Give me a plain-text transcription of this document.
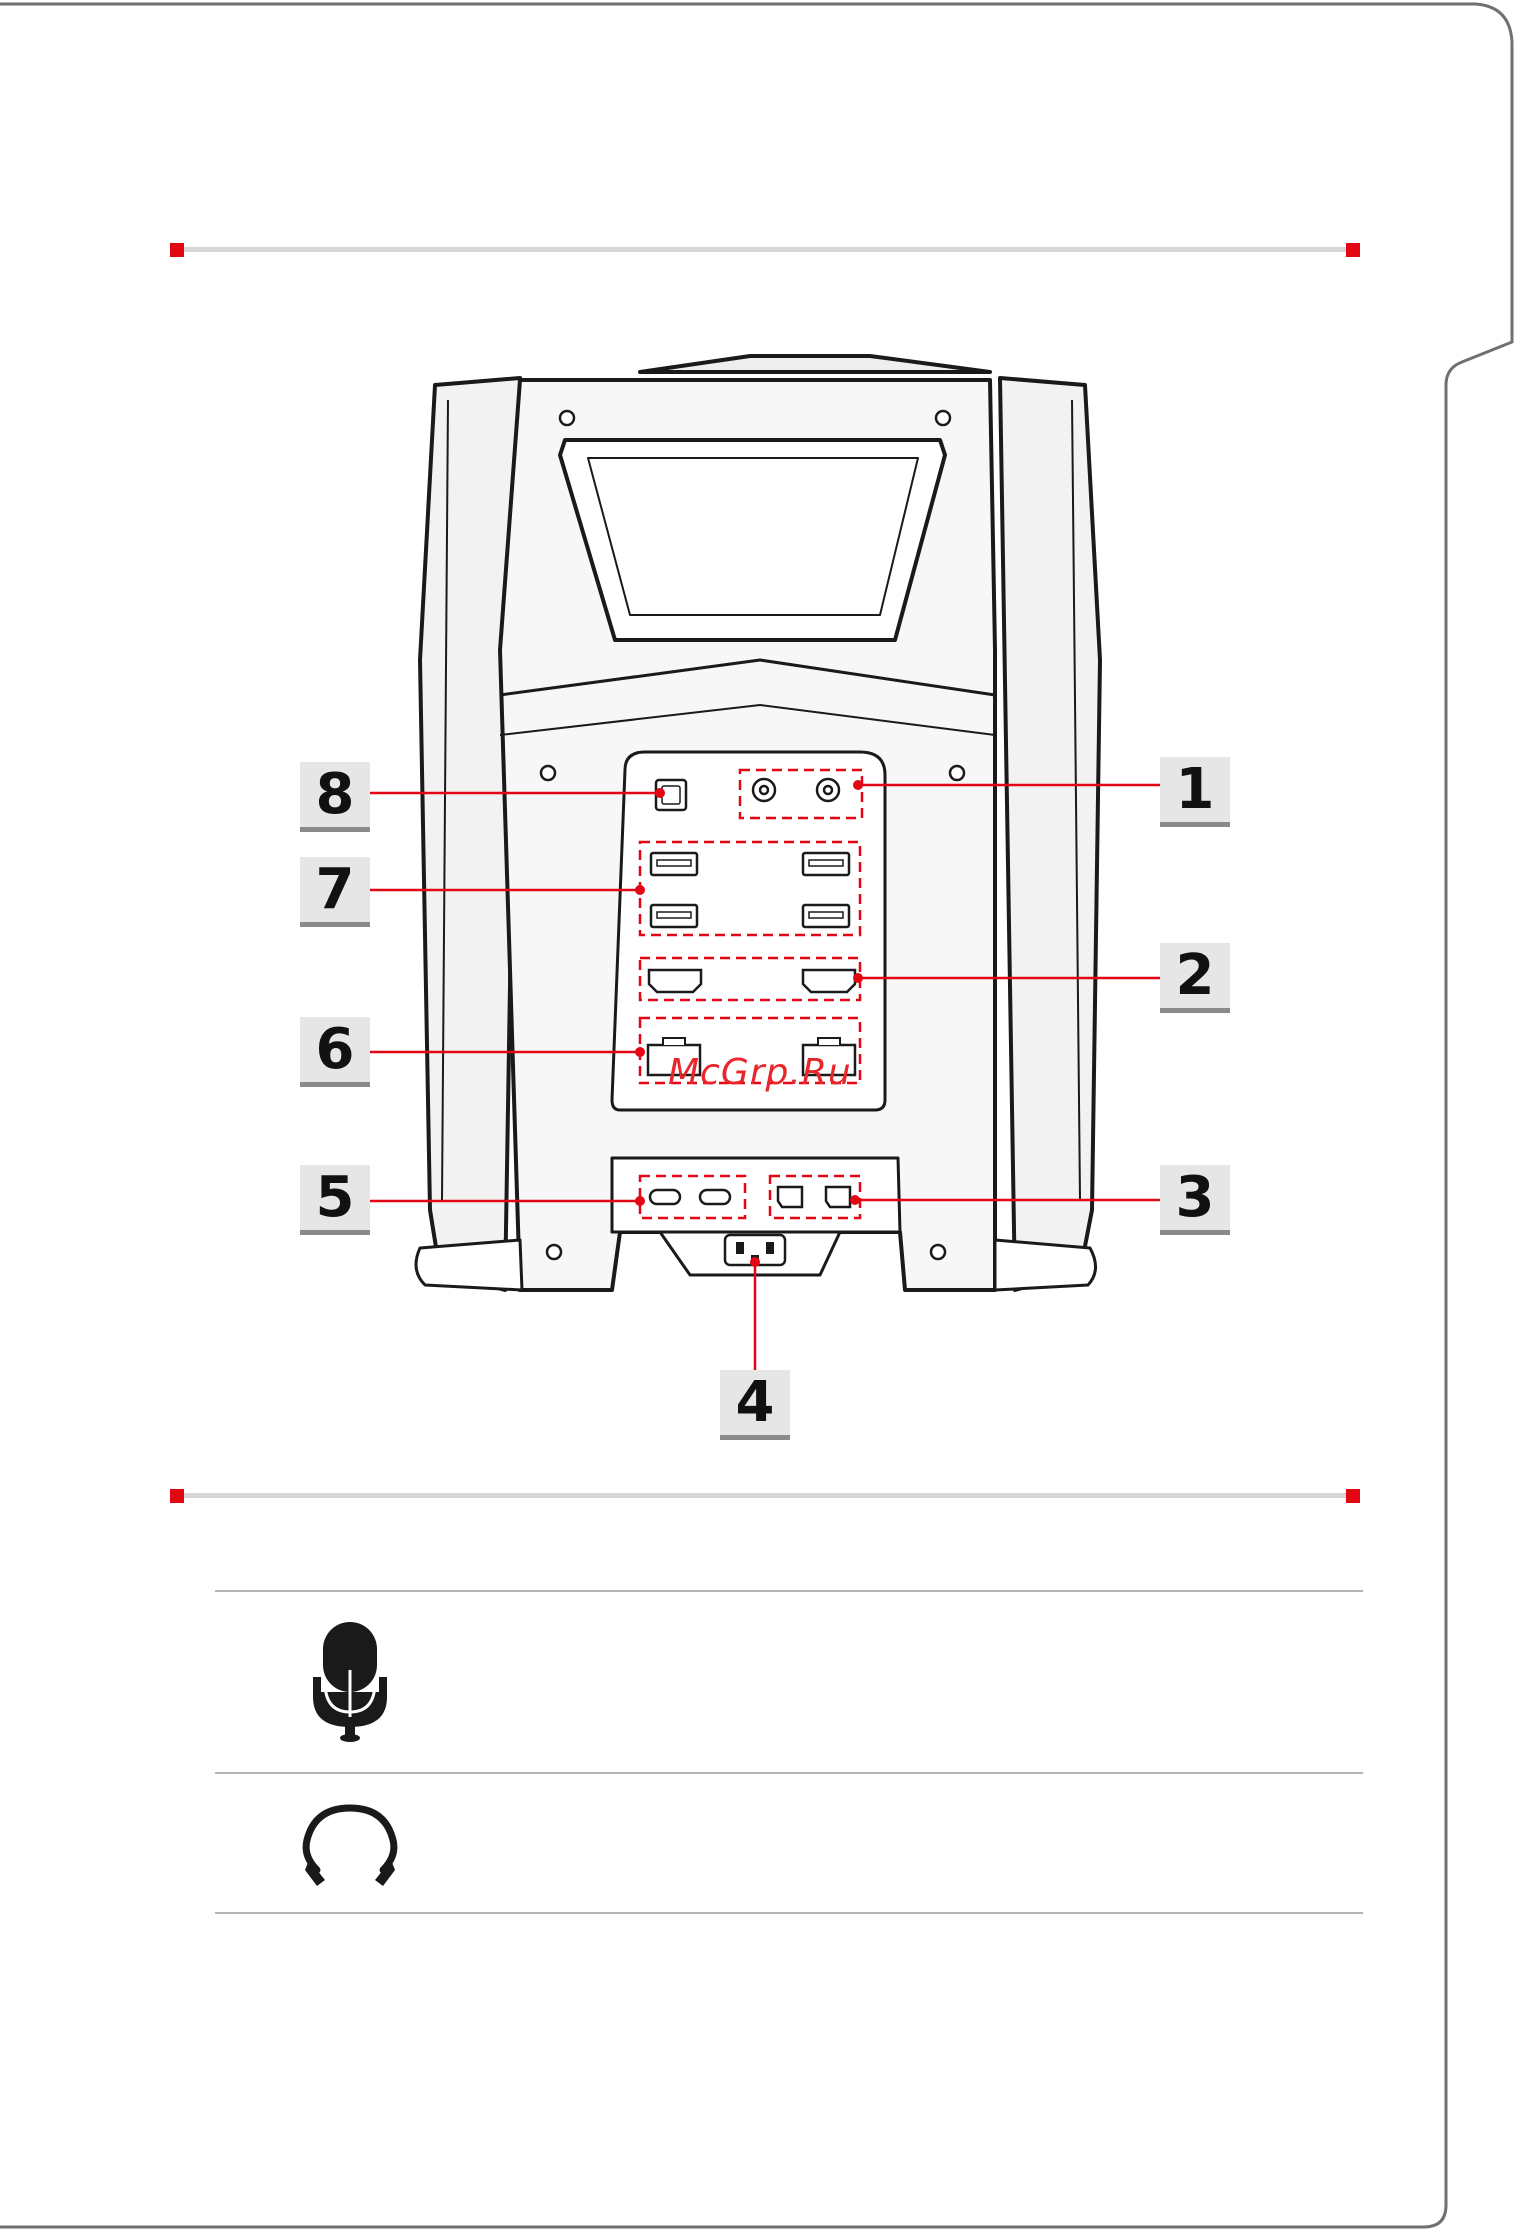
1
2
3
4
5
6
7
8
McGrp.Ru
